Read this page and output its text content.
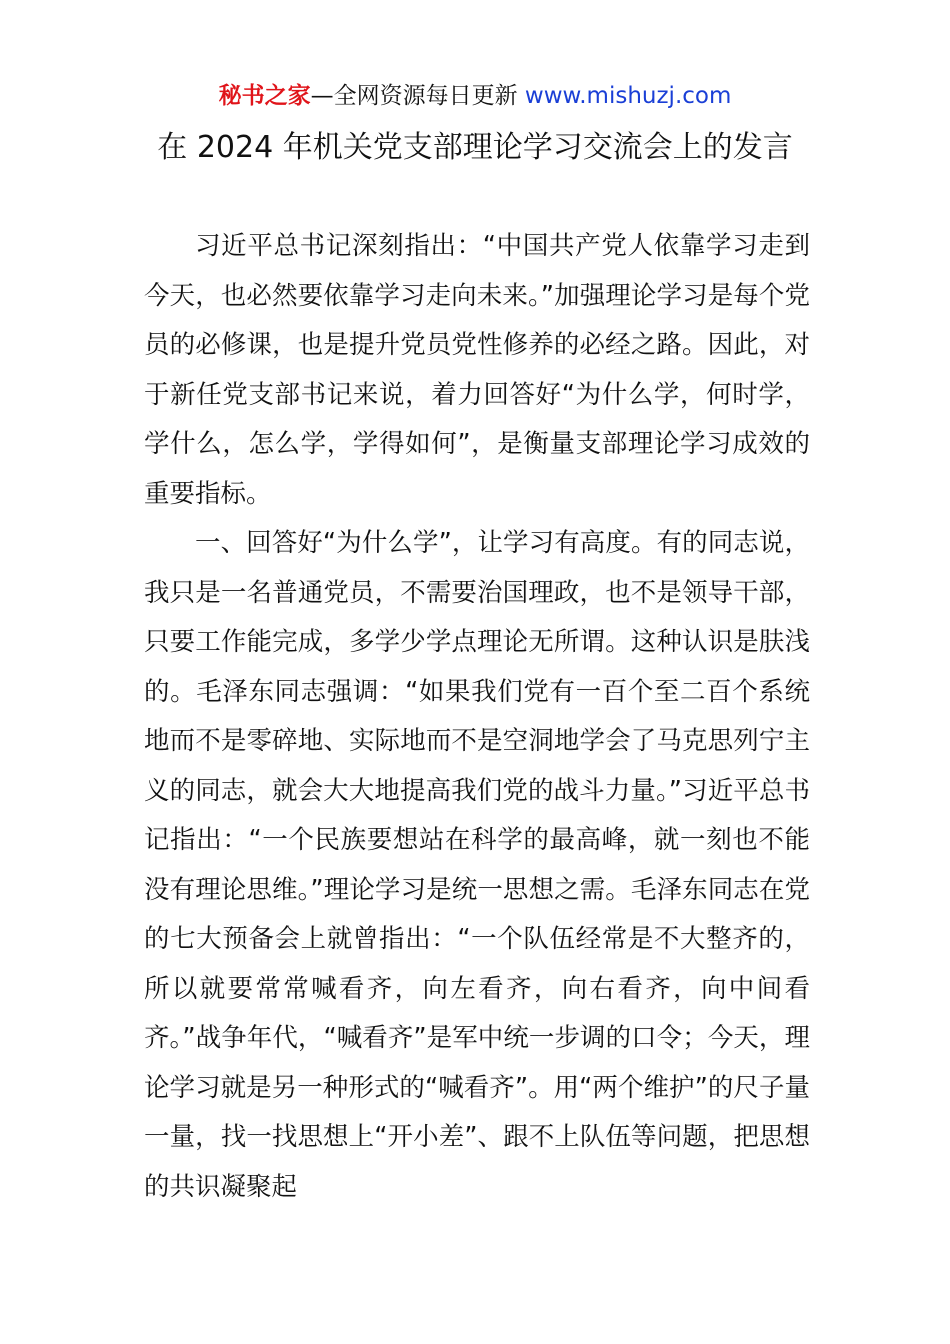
秘书之家—全网资源每日更新 www.mishuzj.com
在 2024 年机关党支部理论学习交流会上的发言

习近平总书记深刻指出：“中国共产党人依靠学习走到今天，也必然要依靠学习走向未来。”加强理论学习是每个党员的必修课，也是提升党员党性修养的必经之路。因此，对于新任党支部书记来说，着力回答好“为什么学，何时学，学什么，怎么学，学得如何”，是衡量支部理论学习成效的重要指标。

一、回答好“为什么学”，让学习有高度。有的同志说，我只是一名普通党员，不需要治国理政，也不是领导干部，只要工作能完成，多学少学点理论无所谓。这种认识是肤浅的。毛泽东同志强调：“如果我们党有一百个至二百个系统地而不是零碎地、实际地而不是空洞地学会了马克思列宁主义的同志，就会大大地提高我们党的战斗力量。”习近平总书记指出：“一个民族要想站在科学的最高峰，就一刻也不能没有理论思维。”理论学习是统一思想之需。毛泽东同志在党的七大预备会上就曾指出：“一个队伍经常是不大整齐的，所以就要常常喊看齐，向左看齐，向右看齐，向中间看齐。”战争年代，“喊看齐”是军中统一步调的口令；今天，理论学习就是另一种形式的“喊看齐”。用“两个维护”的尺子量一量，找一找思想上“开小差”、跟不上队伍等问题，把思想的共识凝聚起
